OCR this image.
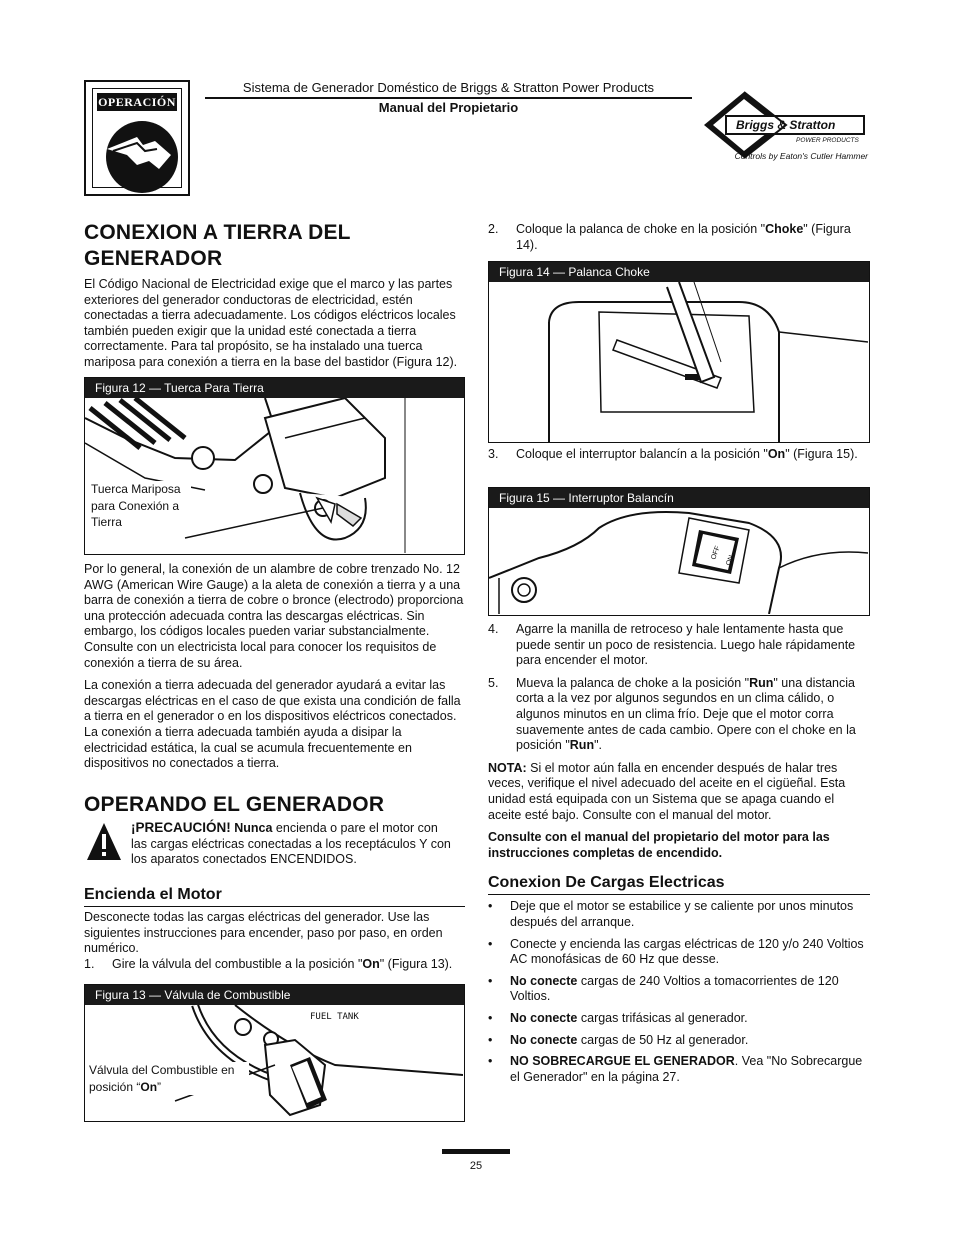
OPERACIÓN
Sistema de Generador Doméstico de Briggs & Stratton Power Products
Manual del Propietario
Briggs & Stratton
POWER PRODUCTS
Controls by Eaton's Cutler Hammer
CONEXION A TIERRA DEL GENERADOR

El Código Nacional de Electricidad exige que el marco y las partes exteriores del generador conductoras de electricidad, estén conectadas a tierra adecuadamente. Los códigos eléctricos locales también pueden exigir que la unidad esté conectada a tierra correctamente. Para tal propósito, se ha instalado una tuerca mariposa para conexión a tierra en la base del bastidor (Figura 12).

Figura 12 — Tuerca Para Tierra
Tuerca Mariposa para Conexión a Tierra

Por lo general, la conexión de un alambre de cobre trenzado No. 12 AWG (American Wire Gauge) a la aleta de conexión a tierra y a una barra de conexión a tierra de cobre o bronce (electrodo) proporciona una protección adecuada contra las descargas eléctricas. Sin embargo, los códigos locales pueden variar substancialmente. Consulte con un electricista local para conocer los requisitos de conexión a tierra de su área.

La conexión a tierra adecuada del generador ayudará a evitar las descargas eléctricas en el caso de que exista una condición de falla a tierra en el generador o en los dispositivos eléctricos conectados. La conexión a tierra adecuada también ayuda a disipar la electricidad estática, la cual se acumula frecuentemente en dispositivos no conectados a tierra.

OPERANDO EL GENERADOR

¡PRECAUCIÓN! Nunca encienda o pare el motor con las cargas eléctricas conectadas a los receptáculos Y con los aparatos conectados ENCENDIDOS.

Encienda el Motor

Desconecte todas las cargas eléctricas del generador. Use las siguientes instrucciones para encender, paso por paso, en orden numérico.

1.	Gire la válvula del combustible a la posición "On" (Figura 13).
Figura 13 — Válvula de Combustible
FUEL TANK
Válvula del Combustible en posición “On”
2.	Coloque la palanca de choke en la posición "Choke" (Figura 14).
Figura 14 — Palanca Choke
3.	Coloque el interruptor balancín a la posición "On" (Figura 15).
Figura 15 — Interruptor Balancín
OFF ON
4.	Agarre la manilla de retroceso y hale lentamente hasta que puede sentir un poco de resistencia. Luego hale rápidamente para encender el motor.
5.	Mueva la palanca de choke a la posición "Run" una distancia corta a la vez por algunos segundos en un clima cálido, o algunos minutos en un clima frío. Deje que el motor corra suavemente antes de cada cambio. Opere con el choke en la posición "Run".

NOTA: Si el motor aún falla en encender después de halar tres veces, verifique el nivel adecuado del aceite en el cigüeñal. Esta unidad está equipada con un Sistema que se apaga cuando el aceite esté bajo. Consulte con el manual del motor.

Consulte con el manual del propietario del motor para las instrucciones completas de encendido.

Conexion De Cargas Electricas
•	Deje que el motor se estabilice y se caliente por unos minutos después del arranque.
•	Conecte y encienda las cargas eléctricas de 120 y/o 240 Voltios AC monofásicas de 60 Hz que desse.
•	No conecte cargas de 240 Voltios a tomacorrientes de 120 Voltios.
•	No conecte cargas trifásicas al generador.
•	No conecte cargas de 50 Hz al generador.
•	NO SOBRECARGUE EL GENERADOR. Vea "No Sobrecargue el Generador" en la página 27.
25
